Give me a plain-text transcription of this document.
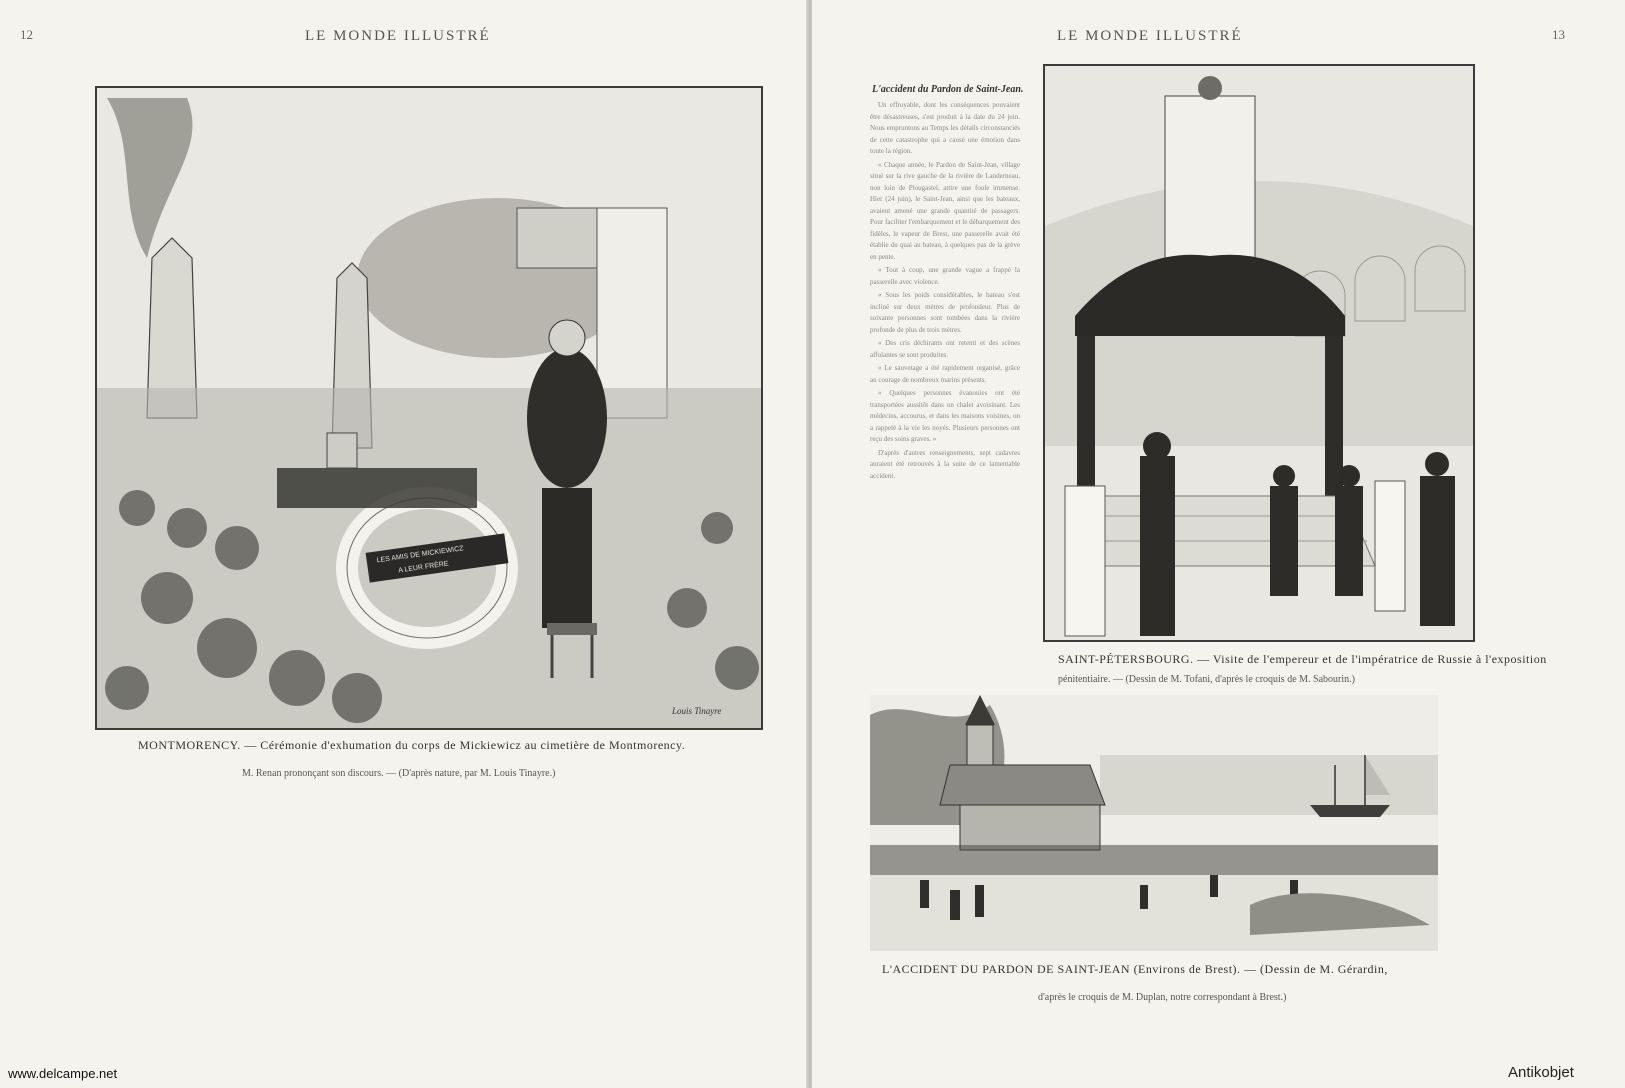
12	LE MONDE ILLUSTRÉ
LES AMIS DE MICKIEWICZ
A LEUR FRÈRE
Louis Tinayre
MONTMORENCY. — Cérémonie d'exhumation du corps de Mickiewicz au cimetière de Montmorency.
M. Renan prononçant son discours. — (D'après nature, par M. Louis Tinayre.)
LE MONDE ILLUSTRÉ	13
L'accident du Pardon de Saint-Jean.

Un effroyable, dont les conséquences pouvaient être désastreuses, s'est produit à la date du 24 juin. Nous empruntons au Temps les détails circonstanciés de cette catastrophe qui a causé une émotion dans toute la région.

« Chaque année, le Pardon de Saint-Jean, village situé sur la rive gauche de la rivière de Landerneau, non loin de Plougastel, attire une foule immense. Hier (24 juin), le Saint-Jean, ainsi que les bateaux, avaient amené une grande quantité de passagers. Pour faciliter l'embarquement et le débarquement des fidèles, le vapeur de Brest, une passerelle avait été établie du quai au bateau, à quelques pas de la grève en pente.

« Tout à coup, une grande vague a frappé la passerelle avec violence.

« Sous les poids considérables, le bateau s'est incliné sur deux mètres de profondeur. Plus de soixante personnes sont tombées dans la rivière profonde de plus de trois mètres.

« Des cris déchirants ont retenti et des scènes affolantes se sont produites.

« Le sauvetage a été rapidement organisé, grâce au courage de nombreux marins présents.

« Quelques personnes évanouies ont été transportées aussitôt dans un chalet avoisinant. Les médecins, accourus, et dans les maisons voisines, on a rappelé à la vie les noyés. Plusieurs personnes ont reçu des soins graves. »

D'après d'autres renseignements, sept cadavres auraient été retrouvés à la suite de ce lamentable accident.

SAINT-PÉTERSBOURG. — Visite de l'empereur et de l'impératrice de Russie à l'exposition
pénitentiaire. — (Dessin de M. Tofani, d'après le croquis de M. Sabourin.)
L'ACCIDENT DU PARDON DE SAINT-JEAN (Environs de Brest). — (Dessin de M. Gérardin,
d'après le croquis de M. Duplan, notre correspondant à Brest.)
www.delcampe.net	Antikobjet
